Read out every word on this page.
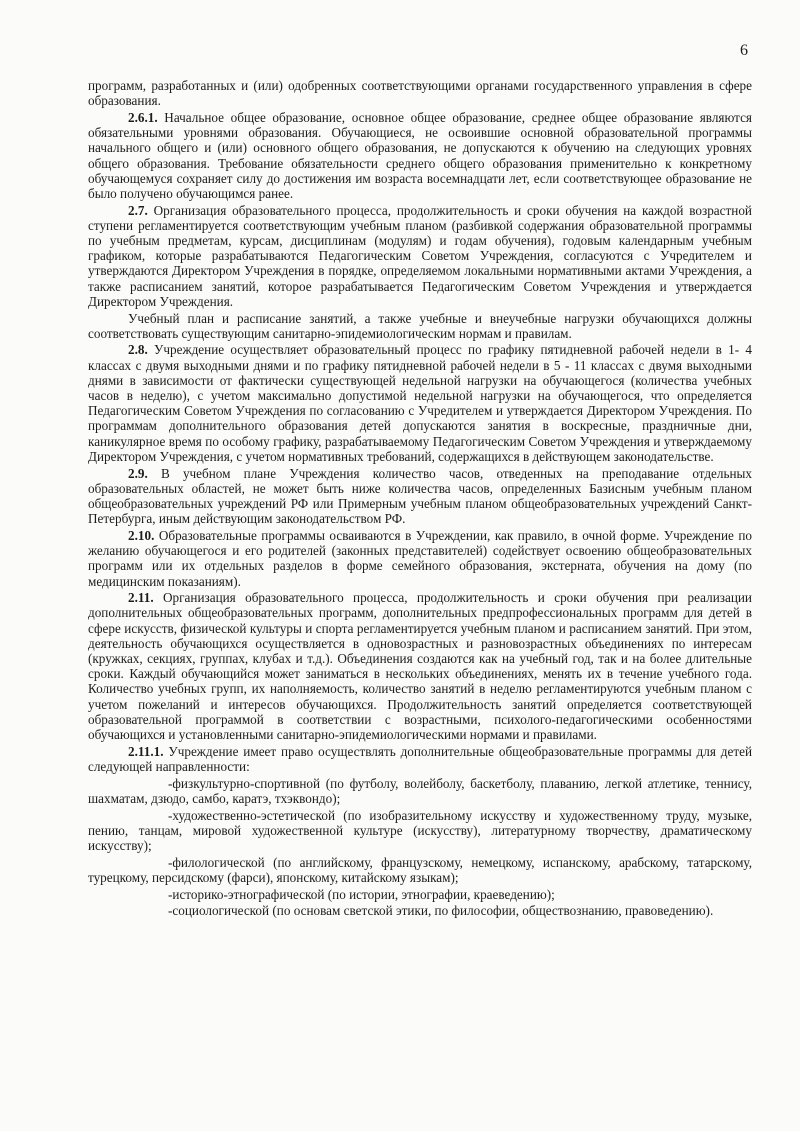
6

программ, разработанных и (или) одобренных соответствующими органами государственного управления в сфере образования.

2.6.1. Начальное общее образование, основное общее образование, среднее общее образование являются обязательными уровнями образования. Обучающиеся, не освоившие основной образовательной программы начального общего и (или) основного общего образования, не допускаются к обучению на следующих уровнях общего образования. Требование обязательности среднего общего образования применительно к конкретному обучающемуся сохраняет силу до достижения им возраста восемнадцати лет, если соответствующее образование не было получено обучающимся ранее.

2.7. Организация образовательного процесса, продолжительность и сроки обучения на каждой возрастной ступени регламентируется соответствующим учебным планом (разбивкой содержания образовательной программы по учебным предметам, курсам, дисциплинам (модулям) и годам обучения), годовым календарным учебным графиком, которые разрабатываются Педагогическим Советом Учреждения, согласуются с Учредителем и утверждаются Директором Учреждения в порядке, определяемом локальными нормативными актами Учреждения, а также расписанием занятий, которое разрабатывается Педагогическим Советом Учреждения и утверждается Директором Учреждения.

Учебный план и расписание занятий, а также учебные и внеучебные нагрузки обучающихся должны соответствовать существующим санитарно-эпидемиологическим нормам и правилам.

2.8. Учреждение осуществляет образовательный процесс по графику пятидневной рабочей недели в 1- 4 классах с двумя выходными днями и по графику пятидневной рабочей недели в 5 - 11 классах с двумя выходными днями в зависимости от фактически существующей недельной нагрузки на обучающегося (количества учебных часов в неделю), с учетом максимально допустимой недельной нагрузки на обучающегося, что определяется Педагогическим Советом Учреждения по согласованию с Учредителем и утверждается Директором Учреждения. По программам дополнительного образования детей допускаются занятия в воскресные, праздничные дни, каникулярное время по особому графику, разрабатываемому Педагогическим Советом Учреждения и утверждаемому Директором Учреждения, с учетом нормативных требований, содержащихся в действующем законодательстве.

2.9. В учебном плане Учреждения количество часов, отведенных на преподавание отдельных образовательных областей, не может быть ниже количества часов, определенных Базисным учебным планом общеобразовательных учреждений РФ или Примерным учебным планом общеобразовательных учреждений Санкт-Петербурга, иным действующим законодательством РФ.

2.10. Образовательные программы осваиваются в Учреждении, как правило, в очной форме. Учреждение по желанию обучающегося и его родителей (законных представителей) содействует освоению общеобразовательных программ или их отдельных разделов в форме семейного образования, экстерната, обучения на дому (по медицинским показаниям).

2.11. Организация образовательного процесса, продолжительность и сроки обучения при реализации дополнительных общеобразовательных программ, дополнительных предпрофессиональных программ для детей в сфере искусств, физической культуры и спорта регламентируется учебным планом и расписанием занятий. При этом, деятельность обучающихся осуществляется в одновозрастных и разновозрастных объединениях по интересам (кружках, секциях, группах, клубах и т.д.). Объединения создаются как на учебный год, так и на более длительные сроки. Каждый обучающийся может заниматься в нескольких объединениях, менять их в течение учебного года. Количество учебных групп, их наполняемость, количество занятий в неделю регламентируются учебным планом с учетом пожеланий и интересов обучающихся. Продолжительность занятий определяется соответствующей образовательной программой в соответствии с возрастными, психолого-педагогическими особенностями обучающихся и установленными санитарно-эпидемиологическими нормами и правилами.

2.11.1. Учреждение имеет право осуществлять дополнительные общеобразовательные программы для детей следующей направленности:

-физкультурно-спортивной (по футболу, волейболу, баскетболу, плаванию, легкой атлетике, теннису, шахматам, дзюдо, самбо, каратэ, тхэквондо);

-художественно-эстетической (по изобразительному искусству и художественному труду, музыке, пению, танцам, мировой художественной культуре (искусству), литературному творчеству, драматическому искусству);

-филологической (по английскому, французскому, немецкому, испанскому, арабскому, татарскому, турецкому, персидскому (фарси), японскому, китайскому языкам);

-историко-этнографической (по истории, этнографии, краеведению);

-социологической (по основам светской этики, по философии, обществознанию, правоведению).
